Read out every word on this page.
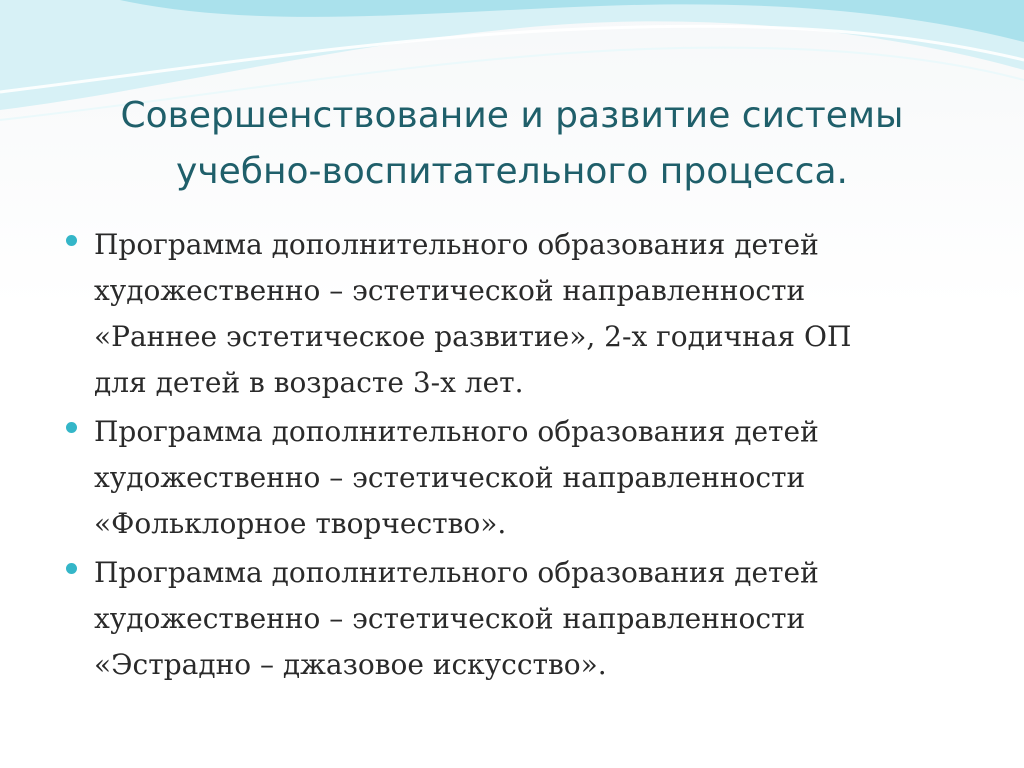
Совершенствование и развитие системы
учебно-воспитательного процесса.
Программа дополнительного образования детей
художественно – эстетической направленности
«Раннее эстетическое развитие», 2-х годичная ОП
для детей в возрасте 3-х лет.
Программа дополнительного образования детей
художественно – эстетической направленности
«Фольклорное творчество».
Программа дополнительного образования детей
художественно – эстетической направленности
«Эстрадно – джазовое искусство».
